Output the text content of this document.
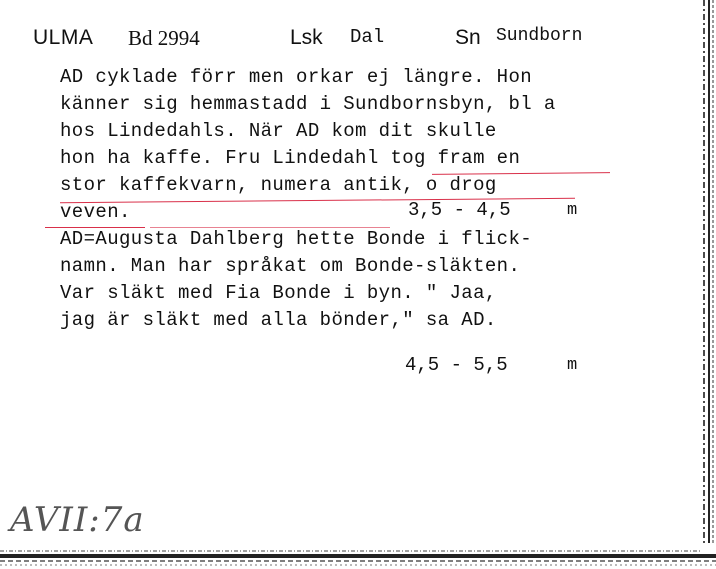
ULMA Bd 2994	Lsk Dal	Sn Sundborn
AD cyklade förr men orkar ej längre. Hon
känner sig hemmastadd i Sundbornsbyn, bl a
hos Lindedahls. När AD kom dit skulle
hon ha kaffe. Fru Lindedahl tog fram en
stor kaffekvarn, numera antik, o drog
veven.
AD=Augusta Dahlberg hette Bonde i flick-
namn. Man har språkat om Bonde-släkten.
Var släkt med Fia Bonde i byn. " Jaa,
jag är släkt med alla bönder," sa AD.
3,5 - 4,5	m
4,5 - 5,5	m
AVII:7a
